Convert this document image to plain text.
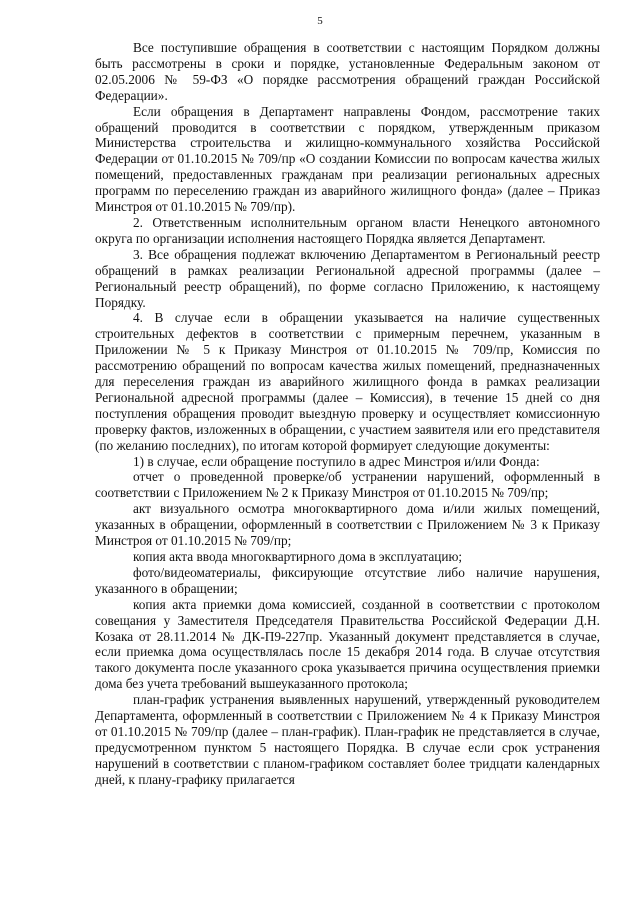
5

Все поступившие обращения в соответствии с настоящим Порядком должны быть рассмотрены в сроки и порядке, установленные Федеральным законом от 02.05.2006 № 59-ФЗ «О порядке рассмотрения обращений граждан Российской Федерации».

Если обращения в Департамент направлены Фондом, рассмотрение таких обращений проводится в соответствии с порядком, утвержденным приказом Министерства строительства и жилищно-коммунального хозяйства Российской Федерации от 01.10.2015 № 709/пр «О создании Комиссии по вопросам качества жилых помещений, предоставленных гражданам при реализации региональных адресных программ по переселению граждан из аварийного жилищного фонда» (далее – Приказ Минстроя от 01.10.2015 № 709/пр).

2. Ответственным исполнительным органом власти Ненецкого автономного округа по организации исполнения настоящего Порядка является Департамент.

3. Все обращения подлежат включению Департаментом в Региональный реестр обращений в рамках реализации Региональной адресной программы (далее – Региональный реестр обращений), по форме согласно Приложению, к настоящему Порядку.

4. В случае если в обращении указывается на наличие существенных строительных дефектов в соответствии с примерным перечнем, указанным в Приложении № 5 к Приказу Минстроя от 01.10.2015 № 709/пр, Комиссия по рассмотрению обращений по вопросам качества жилых помещений, предназначенных для переселения граждан из аварийного жилищного фонда в рамках реализации Региональной адресной программы (далее – Комиссия), в течение 15 дней со дня поступления обращения проводит выездную проверку и осуществляет комиссионную проверку фактов, изложенных в обращении, с участием заявителя или его представителя (по желанию последних), по итогам которой формирует следующие документы:

1) в случае, если обращение поступило в адрес Минстроя и/или Фонда:

отчет о проведенной проверке/об устранении нарушений, оформленный в соответствии с Приложением № 2 к Приказу Минстроя от 01.10.2015 № 709/пр;

акт визуального осмотра многоквартирного дома и/или жилых помещений, указанных в обращении, оформленный в соответствии с Приложением № 3 к Приказу Минстроя от 01.10.2015 № 709/пр;

копия акта ввода многоквартирного дома в эксплуатацию;

фото/видеоматериалы, фиксирующие отсутствие либо наличие нарушения, указанного в обращении;

копия акта приемки дома комиссией, созданной в соответствии с протоколом совещания у Заместителя Председателя Правительства Российской Федерации Д.Н. Козака от 28.11.2014 № ДК-П9-227пр. Указанный документ представляется в случае, если приемка дома осуществлялась после 15 декабря 2014 года. В случае отсутствия такого документа после указанного срока указывается причина осуществления приемки дома без учета требований вышеуказанного протокола;

план-график устранения выявленных нарушений, утвержденный руководителем Департамента, оформленный в соответствии с Приложением № 4 к Приказу Минстроя от 01.10.2015 № 709/пр (далее – план-график). План-график не представляется в случае, предусмотренном пунктом 5 настоящего Порядка. В случае если срок устранения нарушений в соответствии с планом-графиком составляет более тридцати календарных дней, к плану-графику прилагается
